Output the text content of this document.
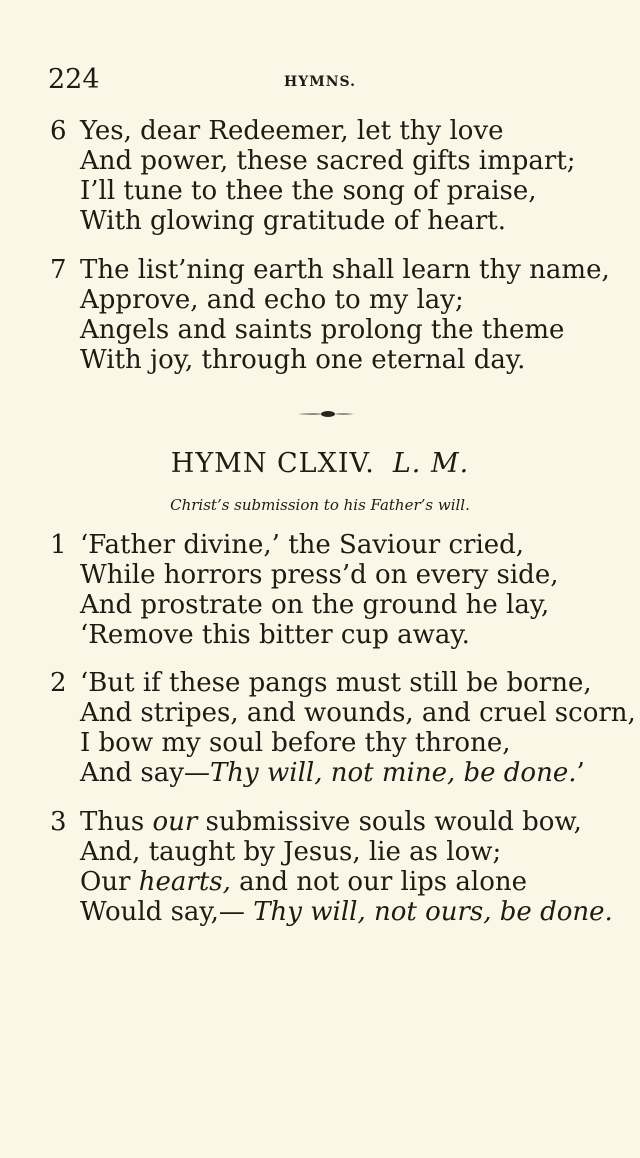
224	HYMNS.
6 Yes, dear Redeemer, let thy love
And power, these sacred gifts impart;
I’ll tune to thee the song of praise,
With glowing gratitude of heart.
7 The list’ning earth shall learn thy name,
Approve, and echo to my lay;
Angels and saints prolong the theme
With joy, through one eternal day.
HYMN CLXIV. L. M.
Christ’s submission to his Father’s will.
1 ‘Father divine,’ the Saviour cried,
While horrors press’d on every side,
And prostrate on the ground he lay,
‘Remove this bitter cup away.
2 ‘But if these pangs must still be borne,
And stripes, and wounds, and cruel scorn,
I bow my soul before thy throne,
And say—Thy will, not mine, be done.’
3 Thus our submissive souls would bow,
And, taught by Jesus, lie as low;
Our hearts, and not our lips alone
Would say,— Thy will, not ours, be done.
